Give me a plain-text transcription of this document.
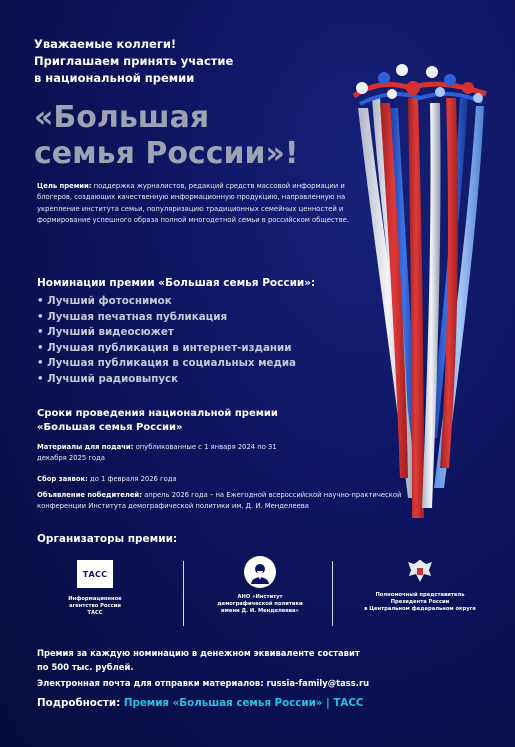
Уважаемые коллеги!
Приглашаем принять участие
в национальной премии
«Большая
семья России»!
Цель премии: поддержка журналистов, редакций средств массовой информации и блогеров, создающих качественную информационную продукцию, направленную на укрепление института семьи, популяризацию традиционных семейных ценностей и формирование успешного образа полной многодетной семьи в российском обществе.
Номинации премии «Большая семья России»:
• Лучший фотоснимок
• Лучшая печатная публикация
• Лучший видеосюжет
• Лучшая публикация в интернет-издании
• Лучшая публикация в социальных медиа
• Лучший радиовыпуск
Сроки проведения национальной премии
«Большая семья России»
Материалы для подачи: опубликованные с 1 января 2024 по 31 декабря 2025 года
Сбор заявок: до 1 февраля 2026 года
Объявление победителей: апрель 2026 года – на Ежегодной всероссийской научно-практической конференции Института демографической политики им. Д. И. Менделеева
Организаторы премии:
ТАСС
Информационное
агентство России
ТАСС
АНО «Институт
демографической политики
имени Д. И. Менделеева»
Полномочный представитель
Президента России
в Центральном федеральном округе
Премия за каждую номинацию в денежном эквиваленте составит
по 500 тыс. рублей.
Электронная почта для отправки материалов: russia-family@tass.ru
Подробности: Премия «Большая семья России» | ТАСС
